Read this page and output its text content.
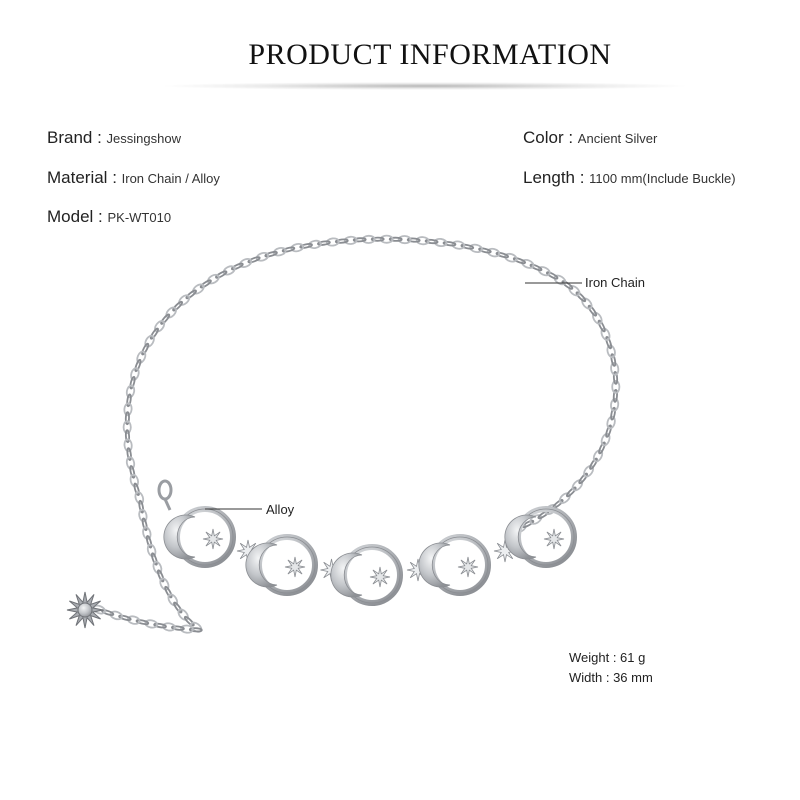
PRODUCT INFORMATION
Brand : Jessingshow	Color : Ancient Silver
Material : Iron Chain / Alloy	Length : 1100 mm(Include Buckle)
Model : PK-WT010
Iron Chain
Alloy
Weight : 61 g
Width : 36 mm
